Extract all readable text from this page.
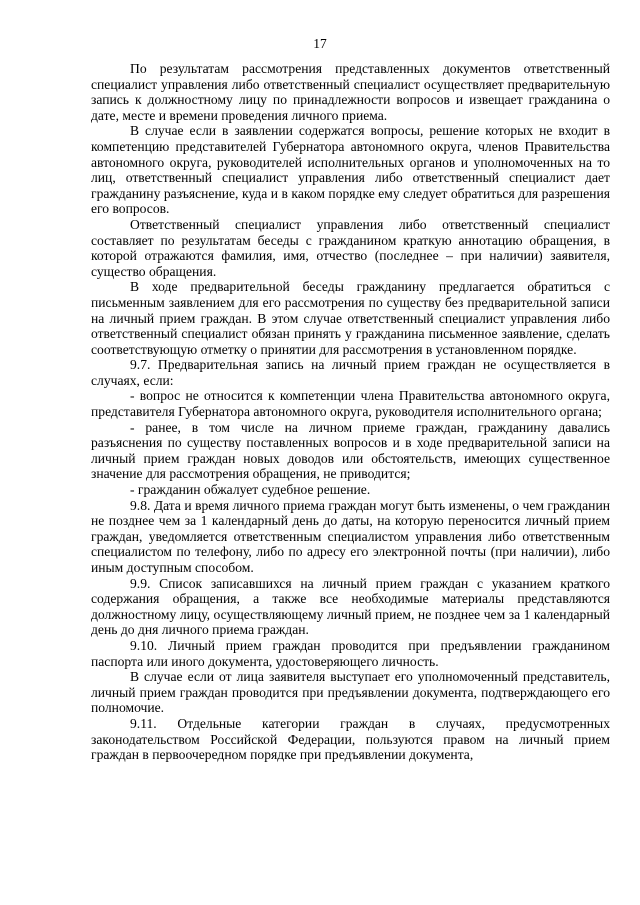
17

По результатам рассмотрения представленных документов ответственный специалист управления либо ответственный специалист осуществляет предварительную запись к должностному лицу по принадлежности вопросов и извещает гражданина о дате, месте и времени проведения личного приема.

В случае если в заявлении содержатся вопросы, решение которых не входит в компетенцию представителей Губернатора автономного округа, членов Правительства автономного округа, руководителей исполнительных органов и уполномоченных на то лиц, ответственный специалист управления либо ответственный специалист дает гражданину разъяснение, куда и в каком порядке ему следует обратиться для разрешения его вопросов.

Ответственный специалист управления либо ответственный специалист составляет по результатам беседы с гражданином краткую аннотацию обращения, в которой отражаются фамилия, имя, отчество (последнее – при наличии) заявителя, существо обращения.

В ходе предварительной беседы гражданину предлагается обратиться с письменным заявлением для его рассмотрения по существу без предварительной записи на личный прием граждан. В этом случае ответственный специалист управления либо ответственный специалист обязан принять у гражданина письменное заявление, сделать соответствующую отметку о принятии для рассмотрения в установленном порядке.

9.7. Предварительная запись на личный прием граждан не осуществляется в случаях, если:

- вопрос не относится к компетенции члена Правительства автономного округа, представителя Губернатора автономного округа, руководителя исполнительного органа;

- ранее, в том числе на личном приеме граждан, гражданину давались разъяснения по существу поставленных вопросов и в ходе предварительной записи на личный прием граждан новых доводов или обстоятельств, имеющих существенное значение для рассмотрения обращения, не приводится;

- гражданин обжалует судебное решение.

9.8. Дата и время личного приема граждан могут быть изменены, о чем гражданин не позднее чем за 1 календарный день до даты, на которую переносится личный прием граждан, уведомляется ответственным специалистом управления либо ответственным специалистом по телефону, либо по адресу его электронной почты (при наличии), либо иным доступным способом.

9.9. Список записавшихся на личный прием граждан с указанием краткого содержания обращения, а также все необходимые материалы представляются должностному лицу, осуществляющему личный прием, не позднее чем за 1 календарный день до дня личного приема граждан.

9.10. Личный прием граждан проводится при предъявлении гражданином паспорта или иного документа, удостоверяющего личность.

В случае если от лица заявителя выступает его уполномоченный представитель, личный прием граждан проводится при предъявлении документа, подтверждающего его полномочие.

9.11. Отдельные категории граждан в случаях, предусмотренных законодательством Российской Федерации, пользуются правом на личный прием граждан в первоочередном порядке при предъявлении документа,
